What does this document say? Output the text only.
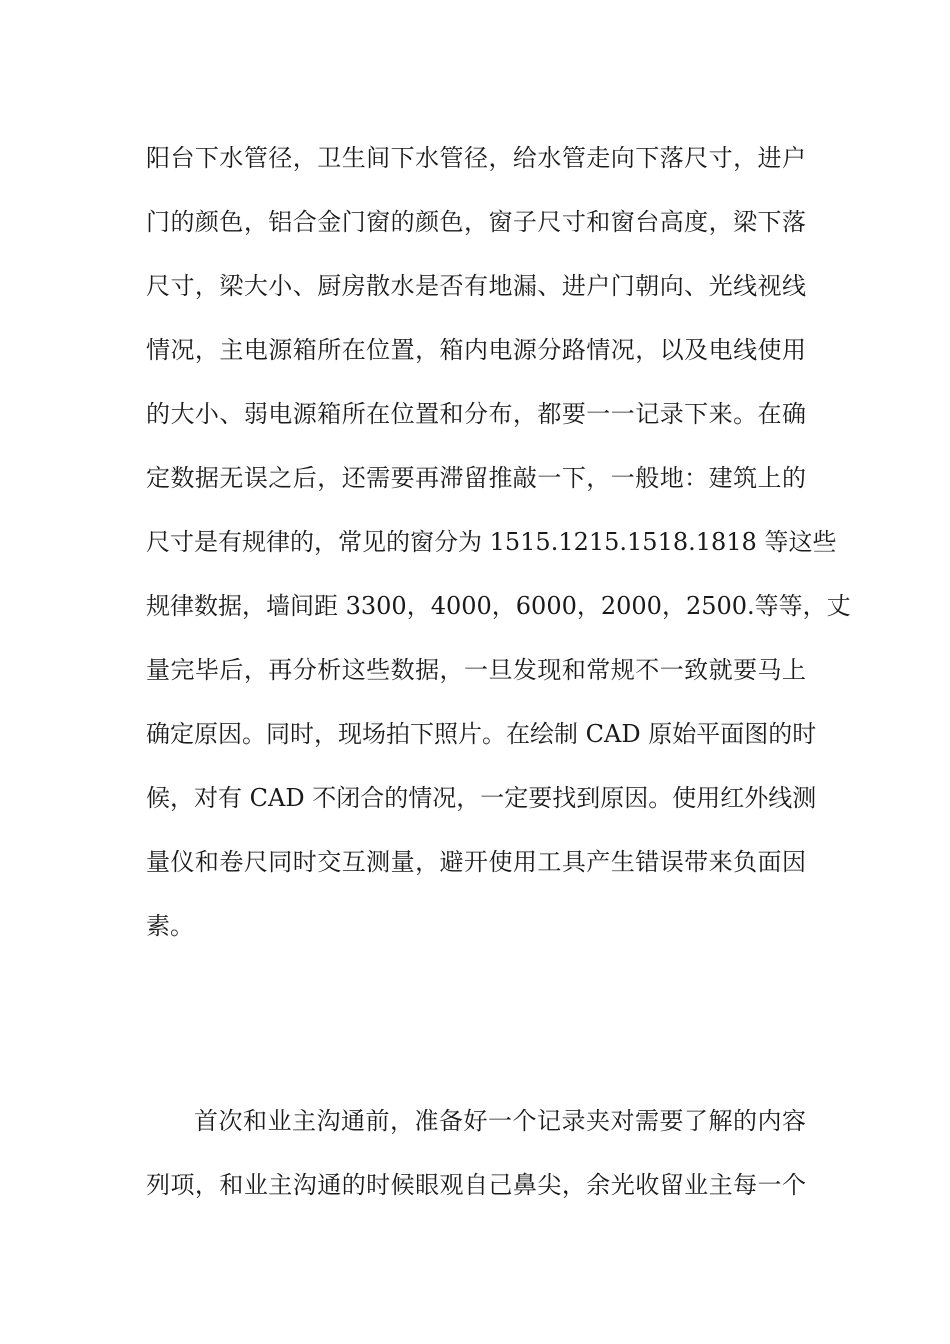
阳台下水管径，卫生间下水管径，给水管走向下落尺寸，进户
门的颜色，铝合金门窗的颜色，窗子尺寸和窗台高度，梁下落
尺寸，梁大小、厨房散水是否有地漏、进户门朝向、光线视线
情况，主电源箱所在位置，箱内电源分路情况，以及电线使用
的大小、弱电源箱所在位置和分布，都要一一记录下来。在确
定数据无误之后，还需要再滞留推敲一下，一般地：建筑上的
尺寸是有规律的，常见的窗分为 1515.1215.1518.1818 等这些
规律数据，墙间距 3300，4000，6000，2000，2500.等等，丈
量完毕后，再分析这些数据，一旦发现和常规不一致就要马上
确定原因。同时，现场拍下照片。在绘制 CAD 原始平面图的时
候，对有 CAD 不闭合的情况，一定要找到原因。使用红外线测
量仪和卷尺同时交互测量，避开使用工具产生错误带来负面因
素。
首次和业主沟通前，准备好一个记录夹对需要了解的内容
列项，和业主沟通的时候眼观自己鼻尖，余光收留业主每一个
